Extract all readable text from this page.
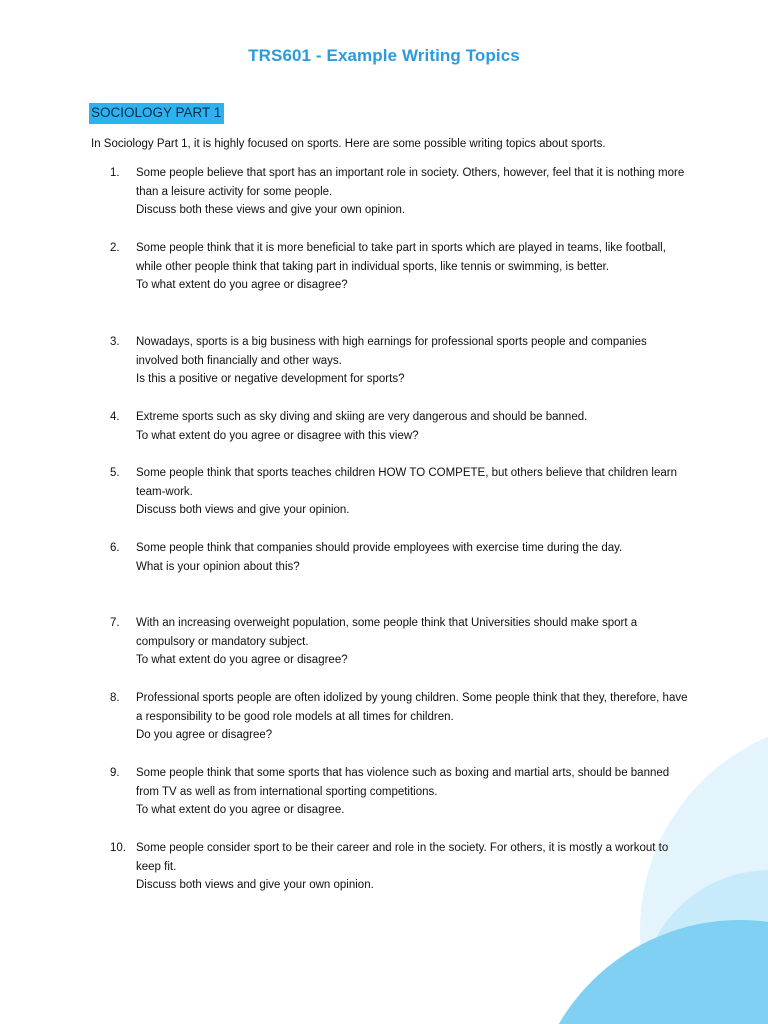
TRS601 - Example Writing Topics
SOCIOLOGY PART 1
In Sociology Part 1, it is highly focused on sports. Here are some possible writing topics about sports.
1.	Some people believe that sport has an important role in society. Others, however, feel that it is nothing more than a leisure activity for some people.
Discuss both these views and give your own opinion.
2.	Some people think that it is more beneficial to take part in sports which are played in teams, like football, while other people think that taking part in individual sports, like tennis or swimming, is better.
To what extent do you agree or disagree?
3.	Nowadays, sports is a big business with high earnings for professional sports people and companies involved both financially and other ways.
Is this a positive or negative development for sports?
4.	Extreme sports such as sky diving and skiing are very dangerous and should be banned.
To what extent do you agree or disagree with this view?
5.	Some people think that sports teaches children HOW TO COMPETE, but others believe that children learn team-work.
Discuss both views and give your opinion.
6.	Some people think that companies should provide employees with exercise time during the day.
What is your opinion about this?
7.	With an increasing overweight population, some people think that Universities should make sport a compulsory or mandatory subject.
To what extent do you agree or disagree?
8.	Professional sports people are often idolized by young children. Some people think that they, therefore, have a responsibility to be good role models at all times for children.
Do you agree or disagree?
9.	Some people think that some sports that has violence such as boxing and martial arts, should be banned from TV as well as from international sporting competitions.
To what extent do you agree or disagree.
10. Some people consider sport to be their career and role in the society. For others, it is mostly a workout to keep fit.
Discuss both views and give your own opinion.
